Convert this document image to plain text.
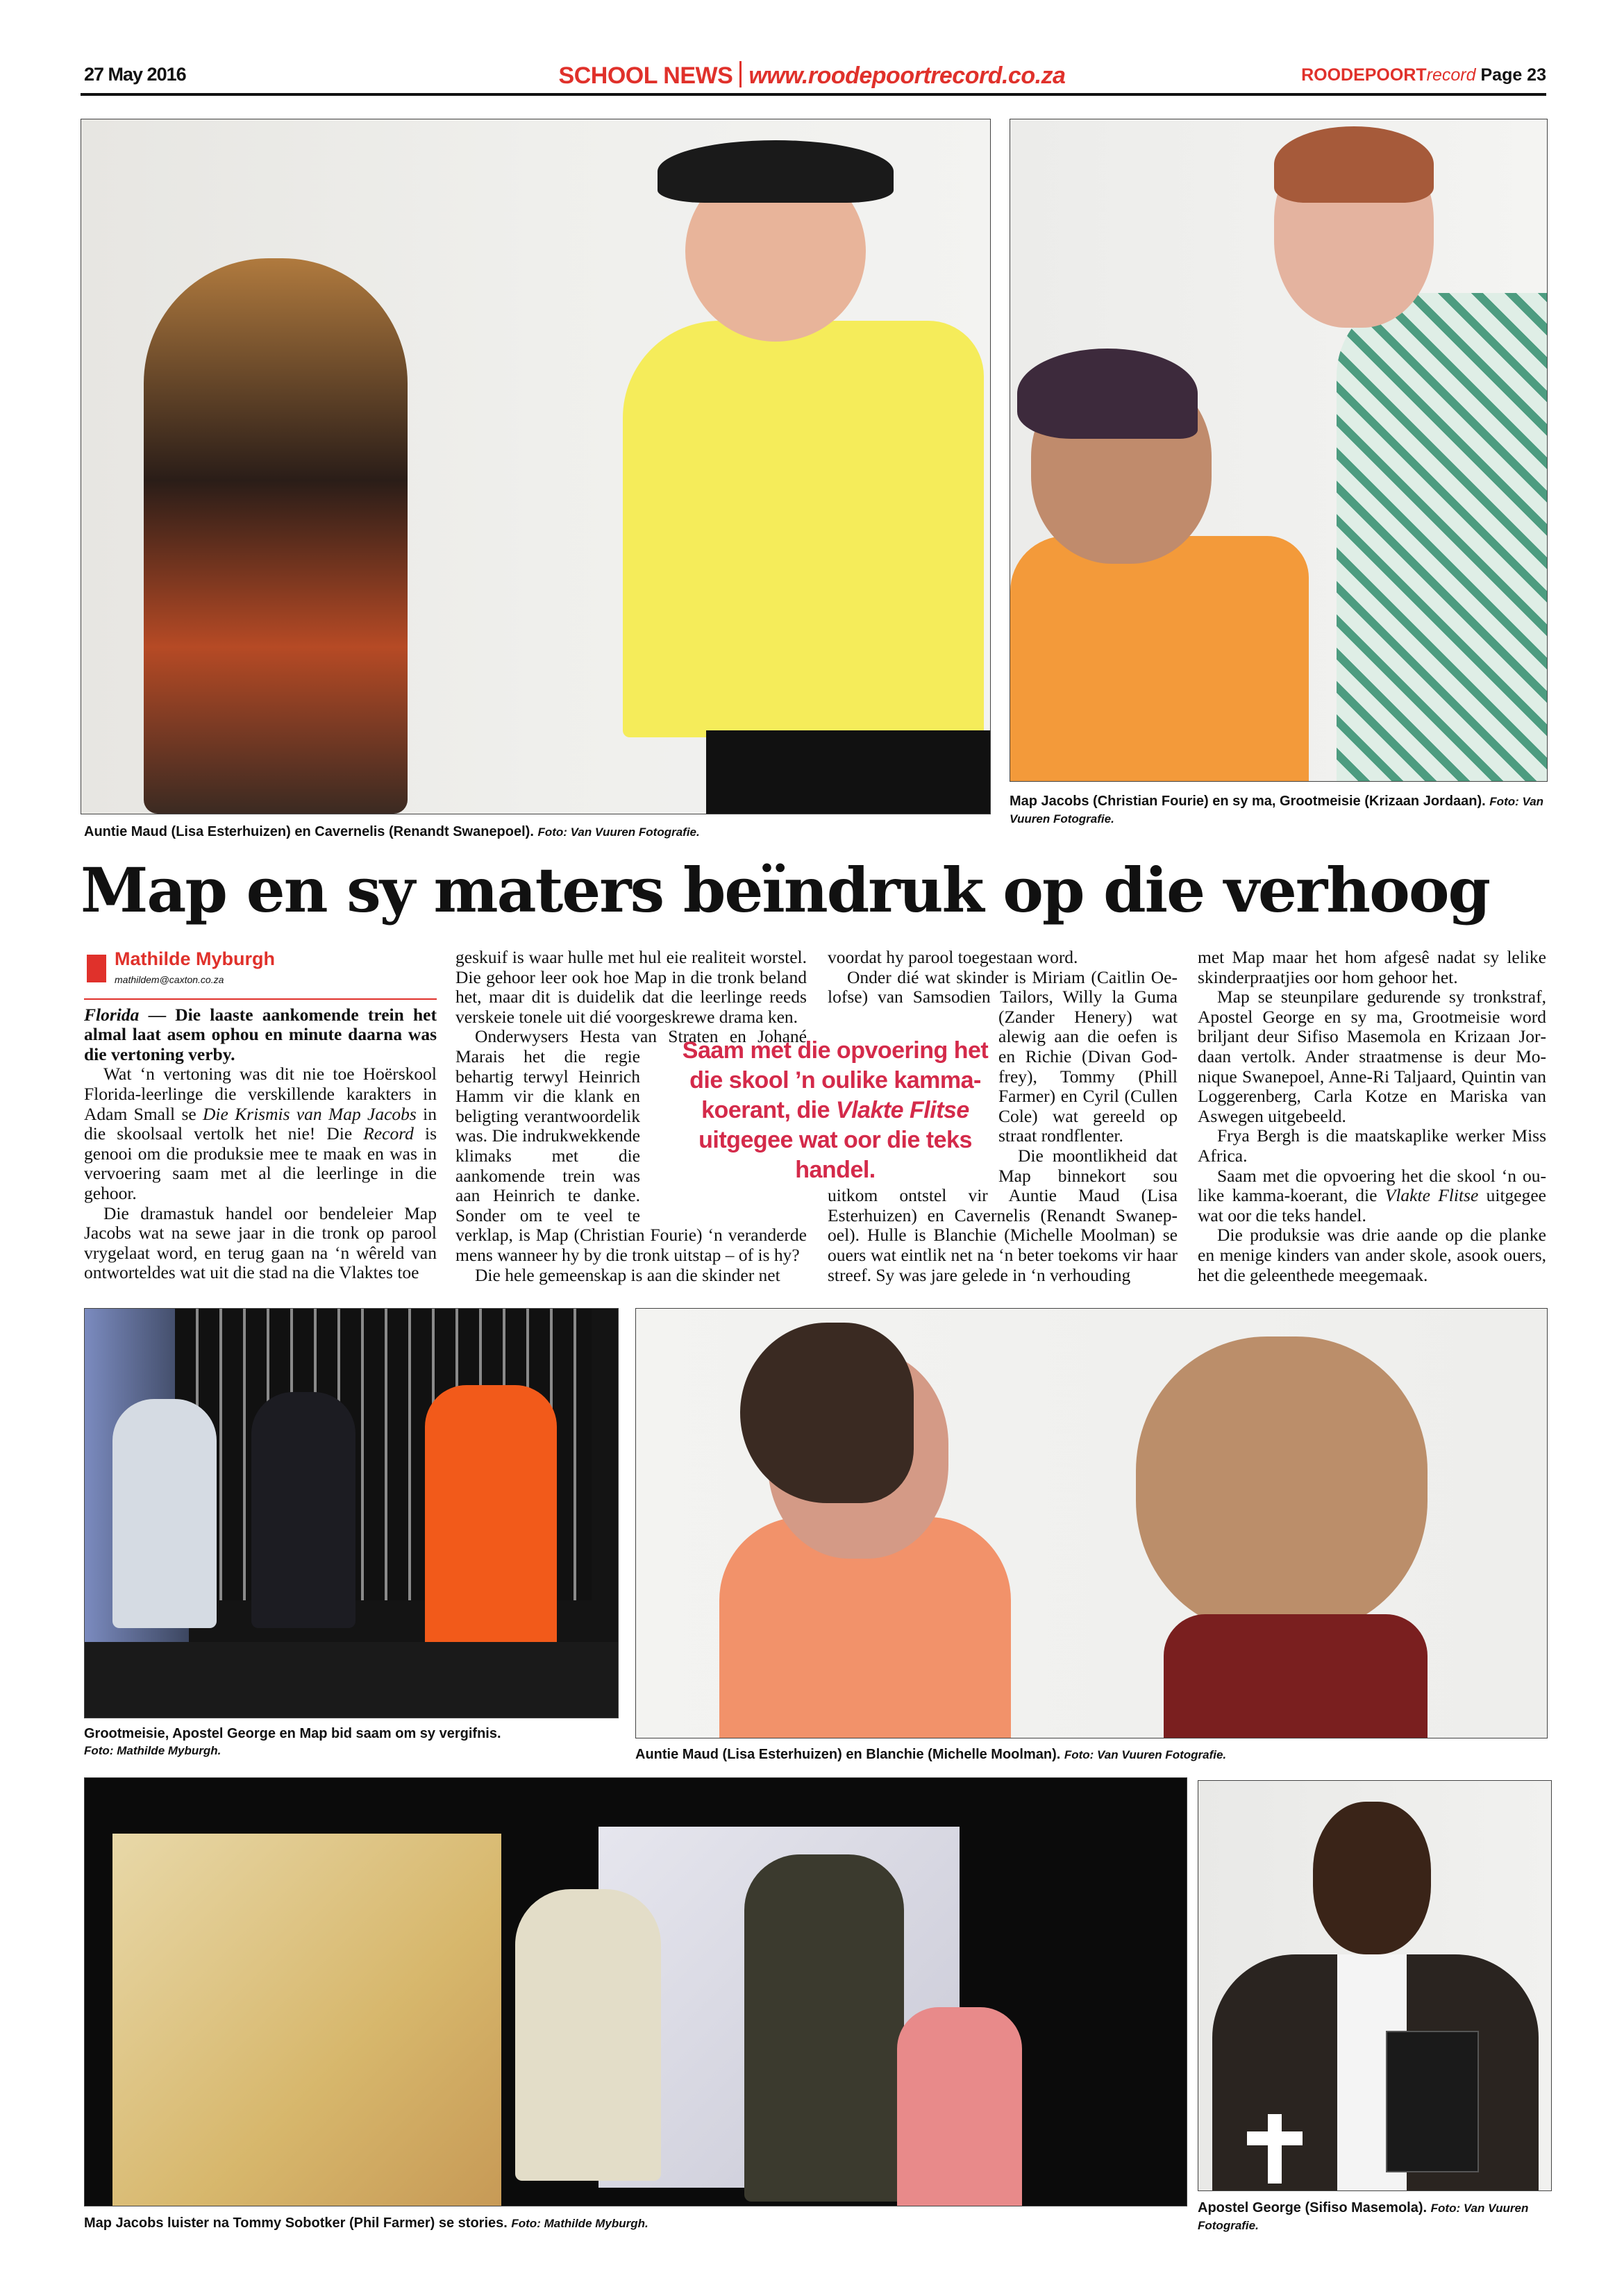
27 May 2016	SCHOOL NEWS www.roodepoortrecord.co.za	ROODEPOORTrecord Page 23
Auntie Maud (Lisa Esterhuizen) en Cavernelis (Renandt Swanepoel). Foto: Van Vuuren Fotografie.
Map Jacobs (Christian Fourie) en sy ma, Grootmeisie (Krizaan Jordaan). Foto: Van Vuuren Fotografie.
Map en sy maters beïndruk op die verhoog
Mathilde Myburgh
mathildem@caxton.co.za

Florida — Die laaste aankomende trein het almal laat asem ophou en minute daarna was die vertoning verby.

Wat ‘n vertoning was dit nie toe Hoërskool Florida-leerlinge die verskillende karakters in Adam Small se Die Krismis van Map Jacobs in die skoolsaal vertolk het nie! Die Record is genooi om die produksie mee te maak en was in vervoering saam met al die leerlinge in die gehoor.

Die dramastuk handel oor bendeleier Map Jacobs wat na sewe jaar in die tronk op parool vrygelaat word, en terug gaan na ‘n wêreld van ontworteldes wat uit die stad na die Vlaktes toe

geskuif is waar hulle met hul eie realiteit worstel. Die gehoor leer ook hoe Map in die tronk beland het, maar dit is duidelik dat die leerlinge reeds verskeie tonele uit dié voorgeskrewe drama ken.

Onderwysers Hesta van Straten en Johané Marais het die regie behartig terwyl Heinrich Hamm vir die klank en beligting verantwoordelik was. Die indrukwekkende klimaks met die aankomende trein was aan Heinrich te danke. Sonder om te veel te verklap, is Map (Christian Fourie) ‘n veranderde mens wanneer hy by die tronk uitstap – of is hy?

Die hele gemeenskap is aan die skinder net

voordat hy parool toegestaan word.

Onder dié wat skinder is Miriam (Caitlin Oelofse) van Samsodien Tailors, Willy la Guma (Zander Henery) wat alewig aan die oefen is en Richie (Divan Godfrey), Tommy (Phill Farmer) en Cyril (Cullen Cole) wat gereeld op straat rondflenter.

Die moontlikheid dat Map binnekort sou uitkom ontstel vir Auntie Maud (Lisa Esterhuizen) en Cavernelis (Renandt Swanepoel). Hulle is Blanchie (Michelle Moolman) se ouers wat eintlik net na ‘n beter toekoms vir haar streef. Sy was jare gelede in ‘n verhouding

met Map maar het hom afgesê nadat sy lelike skinderpraatjies oor hom gehoor het.

Map se steunpilare gedurende sy tronkstraf, Apostel George en sy ma, Grootmeisie word briljant deur Sifiso Masemola en Krizaan Jordaan vertolk. Ander straatmense is deur Monique Swanepoel, Anne-Ri Taljaard, Quintin van Loggerenberg, Carla Kotze en Mariska van Aswegen uitgebeeld.

Frya Bergh is die maatskaplike werker Miss Africa.

Saam met die opvoering het die skool ‘n oulike kamma-koerant, die Vlakte Flitse uitgegee wat oor die teks handel.

Die produksie was drie aande op die planke en menige kinders van ander skole, asook ouers, het die geleenthede meegemaak.

Saam met die opvoering het die skool ’n oulike kamma-koerant, die Vlakte Flitse uitgegee wat oor die teks handel.
Grootmeisie, Apostel George en Map bid saam om sy vergifnis.
Foto: Mathilde Myburgh.	Auntie Maud (Lisa Esterhuizen) en Blanchie (Michelle Moolman). Foto: Van Vuuren Fotografie.
Map Jacobs luister na Tommy Sobotker (Phil Farmer) se stories. Foto: Mathilde Myburgh.
Apostel George (Sifiso Masemola). Foto: Van Vuuren Fotografie.
